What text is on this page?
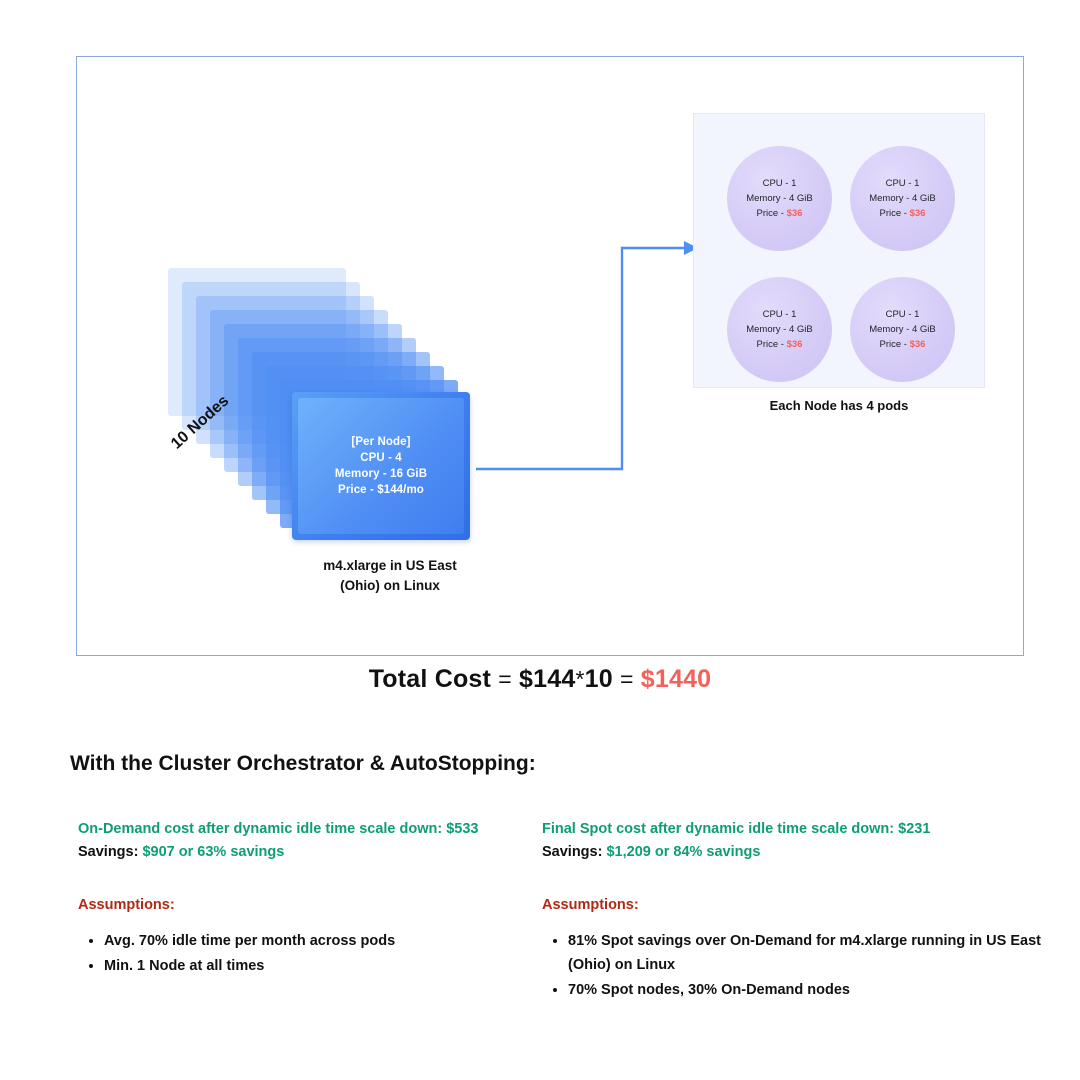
[Per Node]
CPU - 4
Memory - 16 GiB
Price - $144/mo
10 Nodes
m4.xlarge in US East
(Ohio) on Linux
CPU - 1
Memory - 4 GiB
Price - $36
CPU - 1
Memory - 4 GiB
Price - $36
CPU - 1
Memory - 4 GiB
Price - $36
CPU - 1
Memory - 4 GiB
Price - $36
Each Node has 4 pods
Total Cost = $144*10 = $1440
With the Cluster Orchestrator & AutoStopping:
On-Demand cost after dynamic idle time scale down: $533
Savings: $907 or 63% savings
Assumptions:
• Avg. 70% idle time per month across pods
• Min. 1 Node at all times
Final Spot cost after dynamic idle time scale down: $231
Savings: $1,209 or 84% savings
Assumptions:
• 81% Spot savings over On-Demand for m4.xlarge running in US East (Ohio) on Linux
• 70% Spot nodes, 30% On-Demand nodes
